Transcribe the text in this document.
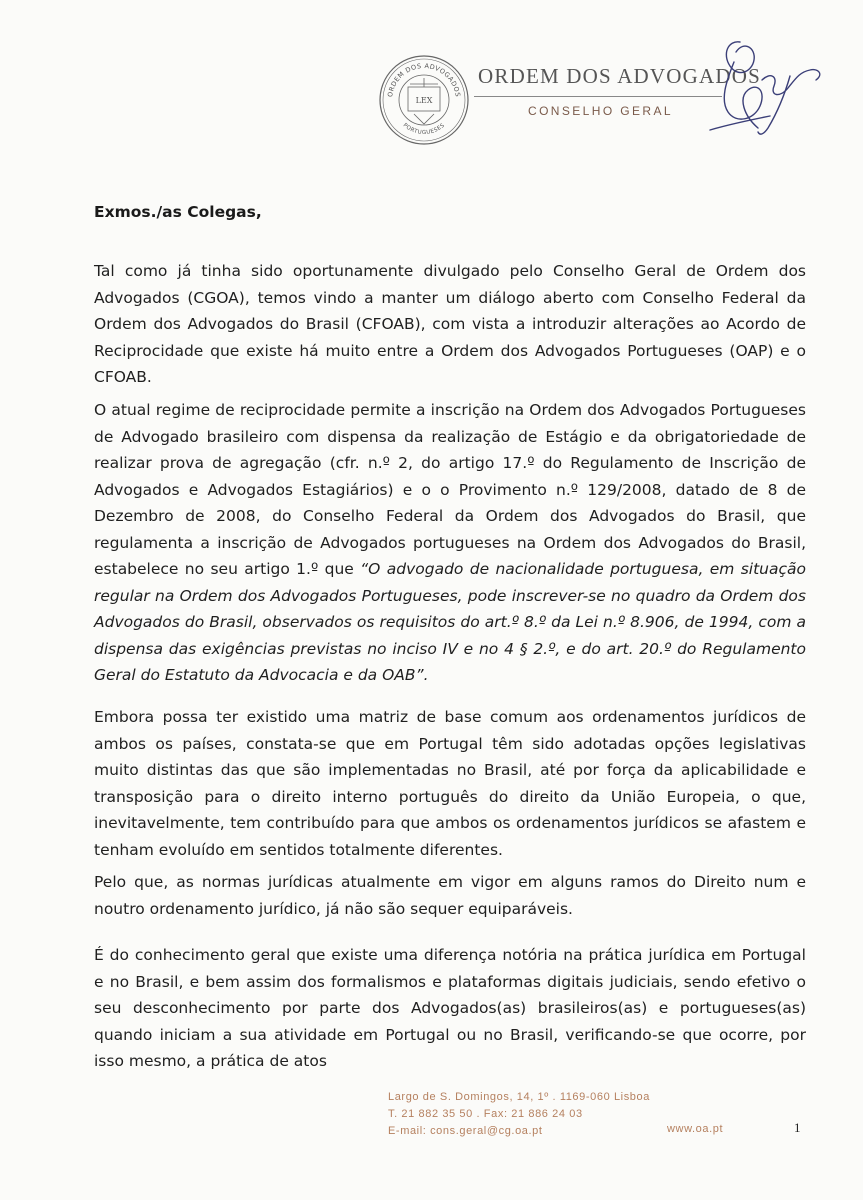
ORDEM DOS ADVOGADOS
PORTUGUESES
LEX
ORDEM DOS ADVOGADOS
CONSELHO GERAL
Exmos./as Colegas,

Tal como já tinha sido oportunamente divulgado pelo Conselho Geral de Ordem dos Advogados (CGOA), temos vindo a manter um diálogo aberto com Conselho Federal da Ordem dos Advogados do Brasil (CFOAB), com vista a introduzir alterações ao Acordo de Reciprocidade que existe há muito entre a Ordem dos Advogados Portugueses (OAP) e o CFOAB.

O atual regime de reciprocidade permite a inscrição na Ordem dos Advogados Portugueses de Advogado brasileiro com dispensa da realização de Estágio e da obrigatoriedade de realizar prova de agregação (cfr. n.º 2, do artigo 17.º do Regulamento de Inscrição de Advogados e Advogados Estagiários) e o o Provimento n.º 129/2008, datado de 8 de Dezembro de 2008, do Conselho Federal da Ordem dos Advogados do Brasil, que regulamenta a inscrição de Advogados portugueses na Ordem dos Advogados do Brasil, estabelece no seu artigo 1.º que “O advogado de nacionalidade portuguesa, em situação regular na Ordem dos Advogados Portugueses, pode inscrever-se no quadro da Ordem dos Advogados do Brasil, observados os requisitos do art.º 8.º da Lei n.º 8.906, de 1994, com a dispensa das exigências previstas no inciso IV e no 4 § 2.º, e do art. 20.º do Regulamento Geral do Estatuto da Advocacia e da OAB”.

Embora possa ter existido uma matriz de base comum aos ordenamentos jurídicos de ambos os países, constata-se que em Portugal têm sido adotadas opções legislativas muito distintas das que são implementadas no Brasil, até por força da aplicabilidade e transposição para o direito interno português do direito da União Europeia, o que, inevitavelmente, tem contribuído para que ambos os ordenamentos jurídicos se afastem e tenham evoluído em sentidos totalmente diferentes.

Pelo que, as normas jurídicas atualmente em vigor em alguns ramos do Direito num e noutro ordenamento jurídico, já não são sequer equiparáveis.

É do conhecimento geral que existe uma diferença notória na prática jurídica em Portugal e no Brasil, e bem assim dos formalismos e plataformas digitais judiciais, sendo efetivo o seu desconhecimento por parte dos Advogados(as) brasileiros(as) e portugueses(as) quando iniciam a sua atividade em Portugal ou no Brasil, verificando-se que ocorre, por isso mesmo, a prática de atos

Largo de S. Domingos, 14, 1º . 1169-060 Lisboa
T. 21 882 35 50 . Fax: 21 886 24 03
E-mail: cons.geral@cg.oa.pt	www.oa.pt	1
